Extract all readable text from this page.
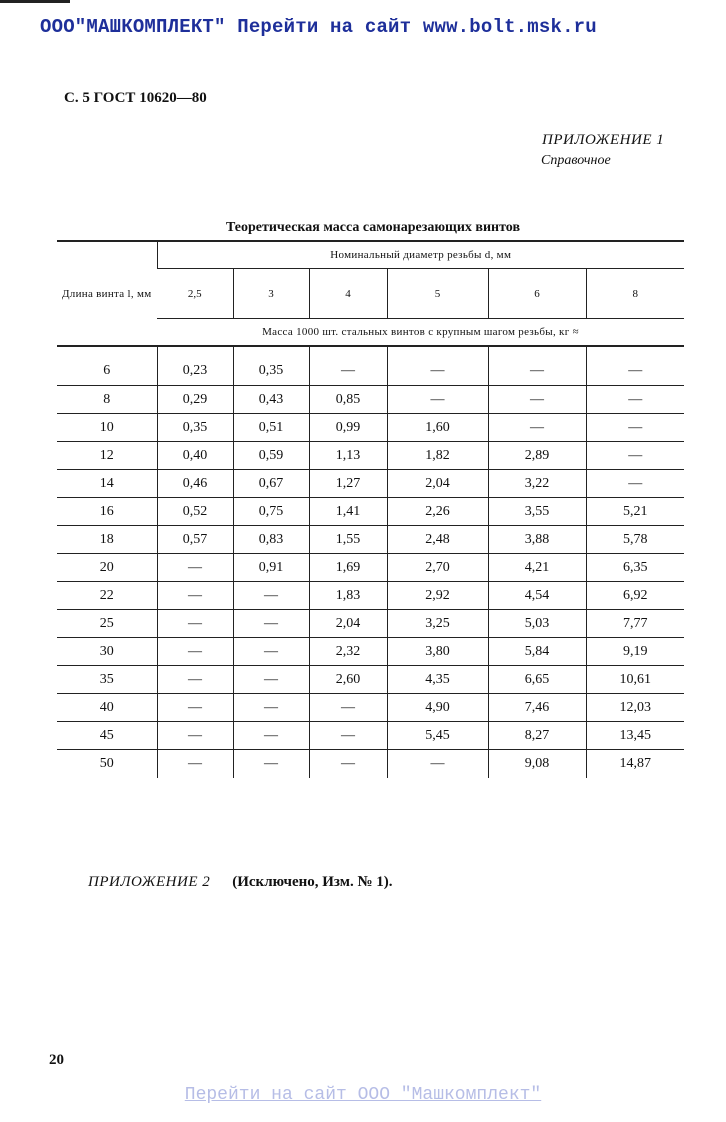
ООО"МАШКОМПЛЕКТ" Перейти на сайт www.bolt.msk.ru
С. 5 ГОСТ 10620—80
ПРИЛОЖЕНИЕ 1
Справочное
Теоретическая масса самонарезающих винтов
Длина винта l, мм	Номинальный диаметр резьбы d, мм					
	2,5	3	4	5	6	8
	Масса 1000 шт. стальных винтов с крупным шагом резьбы, кг ≈					
6	0,23	0,35	—	—	—	—
8	0,29	0,43	0,85	—	—	—
10	0,35	0,51	0,99	1,60	—	—
12	0,40	0,59	1,13	1,82	2,89	—
14	0,46	0,67	1,27	2,04	3,22	—
16	0,52	0,75	1,41	2,26	3,55	5,21
18	0,57	0,83	1,55	2,48	3,88	5,78
20	—	0,91	1,69	2,70	4,21	6,35
22	—	—	1,83	2,92	4,54	6,92
25	—	—	2,04	3,25	5,03	7,77
30	—	—	2,32	3,80	5,84	9,19
35	—	—	2,60	4,35	6,65	10,61
40	—	—	—	4,90	7,46	12,03
45	—	—	—	5,45	8,27	13,45
50	—	—	—	—	9,08	14,87
ПРИЛОЖЕНИЕ 2 (Исключено, Изм. № 1).
20
Перейти на сайт ООО "Машкомплект"
